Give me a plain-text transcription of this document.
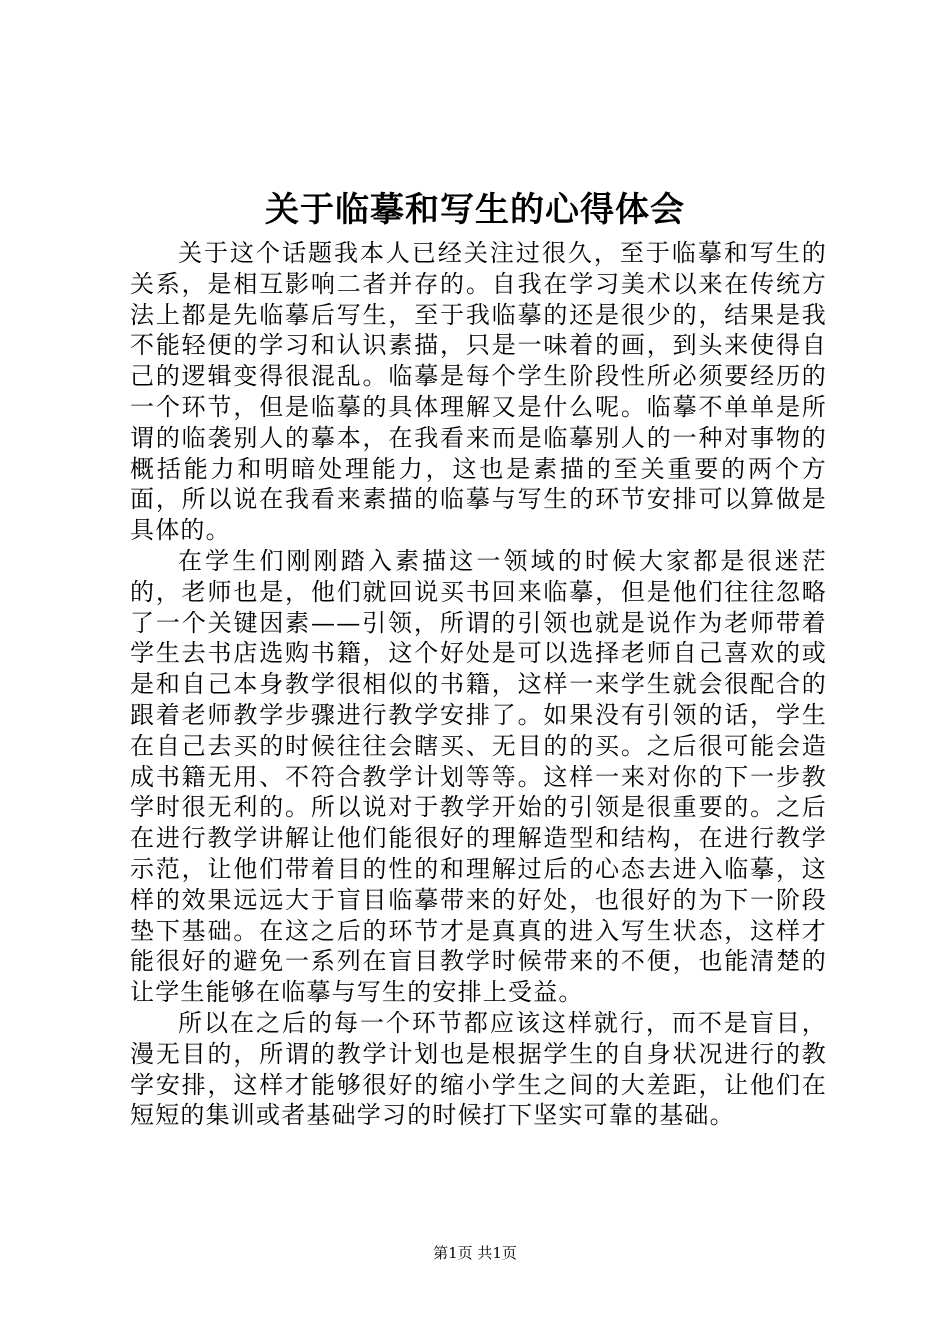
关于临摹和写生的心得体会

关于这个话题我本人已经关注过很久，至于临摹和写生的关系，是相互影响二者并存的。自我在学习美术以来在传统方法上都是先临摹后写生，至于我临摹的还是很少的，结果是我不能轻便的学习和认识素描，只是一味着的画，到头来使得自己的逻辑变得很混乱。临摹是每个学生阶段性所必须要经历的一个环节，但是临摹的具体理解又是什么呢。临摹不单单是所谓的临袭别人的摹本，在我看来而是临摹别人的一种对事物的概括能力和明暗处理能力，这也是素描的至关重要的两个方面，所以说在我看来素描的临摹与写生的环节安排可以算做是具体的。

在学生们刚刚踏入素描这一领域的时候大家都是很迷茫的，老师也是，他们就回说买书回来临摹，但是他们往往忽略了一个关键因素——引领，所谓的引领也就是说作为老师带着学生去书店选购书籍，这个好处是可以选择老师自己喜欢的或是和自己本身教学很相似的书籍，这样一来学生就会很配合的跟着老师教学步骤进行教学安排了。如果没有引领的话，学生在自己去买的时候往往会瞎买、无目的的买。之后很可能会造成书籍无用、不符合教学计划等等。这样一来对你的下一步教学时很无利的。所以说对于教学开始的引领是很重要的。之后在进行教学讲解让他们能很好的理解造型和结构，在进行教学示范，让他们带着目的性的和理解过后的心态去进入临摹，这样的效果远远大于盲目临摹带来的好处，也很好的为下一阶段垫下基础。在这之后的环节才是真真的进入写生状态，这样才能很好的避免一系列在盲目教学时候带来的不便，也能清楚的让学生能够在临摹与写生的安排上受益。

所以在之后的每一个环节都应该这样就行，而不是盲目，漫无目的，所谓的教学计划也是根据学生的自身状况进行的教学安排，这样才能够很好的缩小学生之间的大差距，让他们在短短的集训或者基础学习的时候打下坚实可靠的基础。

第1页 共1页
